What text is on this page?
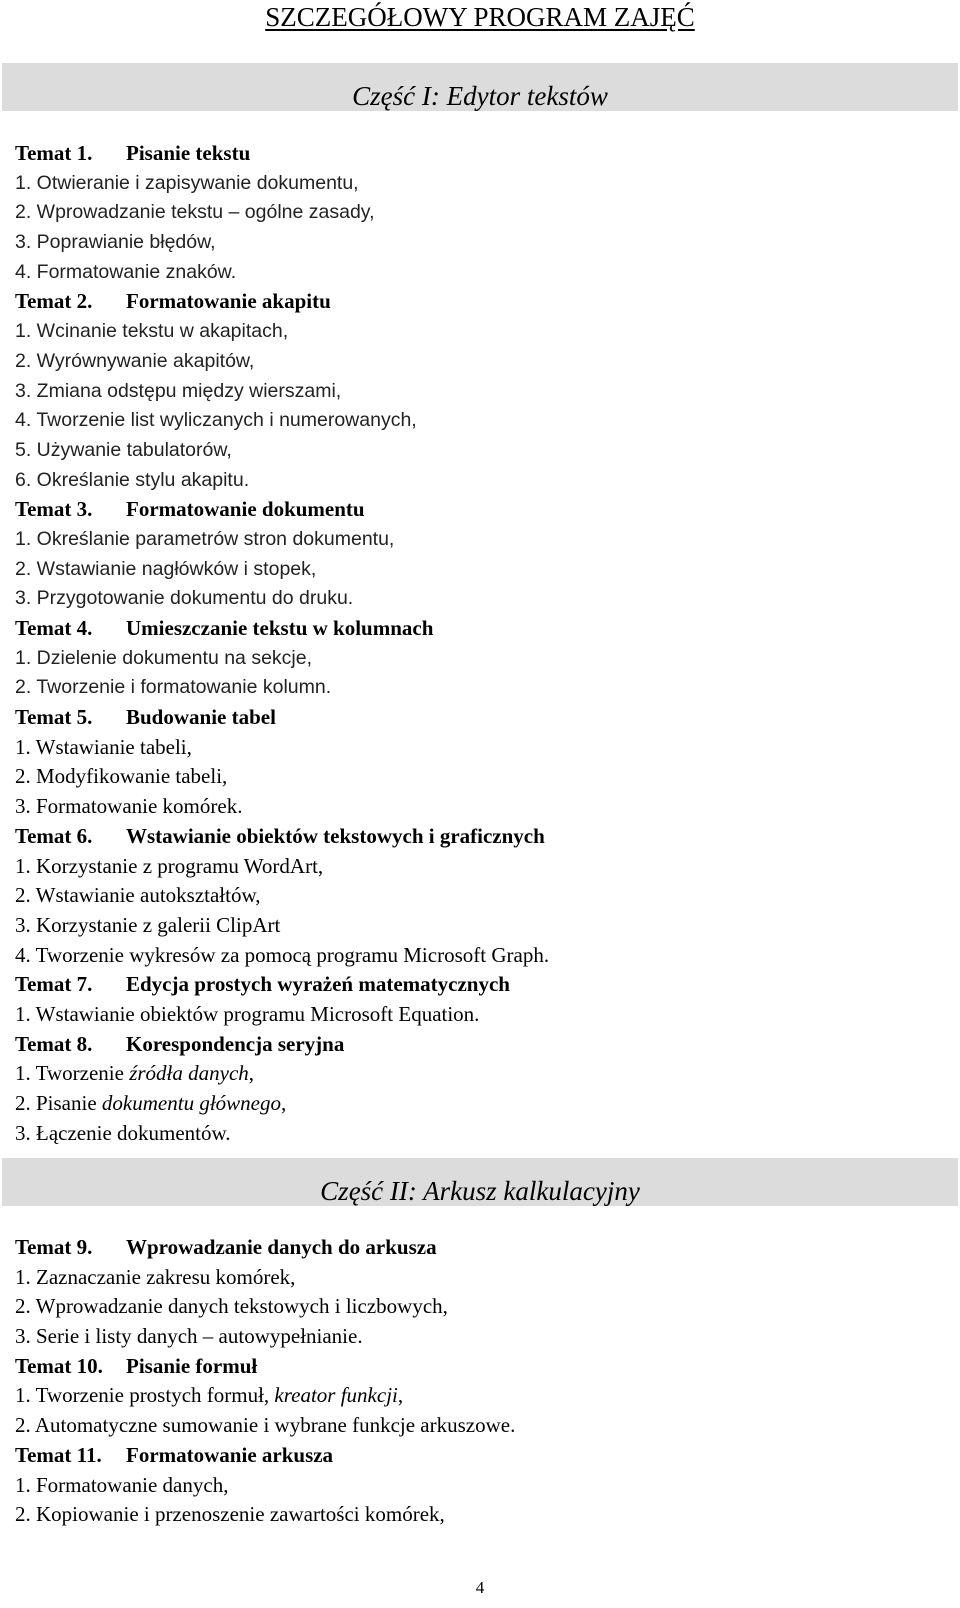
SZCZEGÓŁOWY PROGRAM ZAJĘĆ
Część I: Edytor tekstów
Temat 1. Pisanie tekstu
1. Otwieranie i zapisywanie dokumentu,
2. Wprowadzanie tekstu – ogólne zasady,
3. Poprawianie błędów,
4. Formatowanie znaków.
Temat 2. Formatowanie akapitu
1. Wcinanie tekstu w akapitach,
2. Wyrównywanie akapitów,
3. Zmiana odstępu między wierszami,
4. Tworzenie list wyliczanych i numerowanych,
5. Używanie tabulatorów,
6. Określanie stylu akapitu.
Temat 3. Formatowanie dokumentu
1. Określanie parametrów stron dokumentu,
2. Wstawianie nagłówków i stopek,
3. Przygotowanie dokumentu do druku.
Temat 4. Umieszczanie tekstu w kolumnach
1. Dzielenie dokumentu na sekcje,
2. Tworzenie i formatowanie kolumn.
Temat 5. Budowanie tabel
1. Wstawianie tabeli,
2. Modyfikowanie tabeli,
3. Formatowanie komórek.
Temat 6. Wstawianie obiektów tekstowych i graficznych
1. Korzystanie z programu WordArt,
2. Wstawianie autokształtów,
3. Korzystanie z galerii ClipArt
4. Tworzenie wykresów za pomocą programu Microsoft Graph.
Temat 7. Edycja prostych wyrażeń matematycznych
1. Wstawianie obiektów programu Microsoft Equation.
Temat 8. Korespondencja seryjna
1. Tworzenie źródła danych,
2. Pisanie dokumentu głównego,
3. Łączenie dokumentów.
Część II: Arkusz kalkulacyjny
Temat 9. Wprowadzanie danych do arkusza
1. Zaznaczanie zakresu komórek,
2. Wprowadzanie danych tekstowych i liczbowych,
3. Serie i listy danych – autowypełnianie.
Temat 10. Pisanie formuł
1. Tworzenie prostych formuł, kreator funkcji,
2. Automatyczne sumowanie i wybrane funkcje arkuszowe.
Temat 11. Formatowanie arkusza
1. Formatowanie danych,
2. Kopiowanie i przenoszenie zawartości komórek,
4
